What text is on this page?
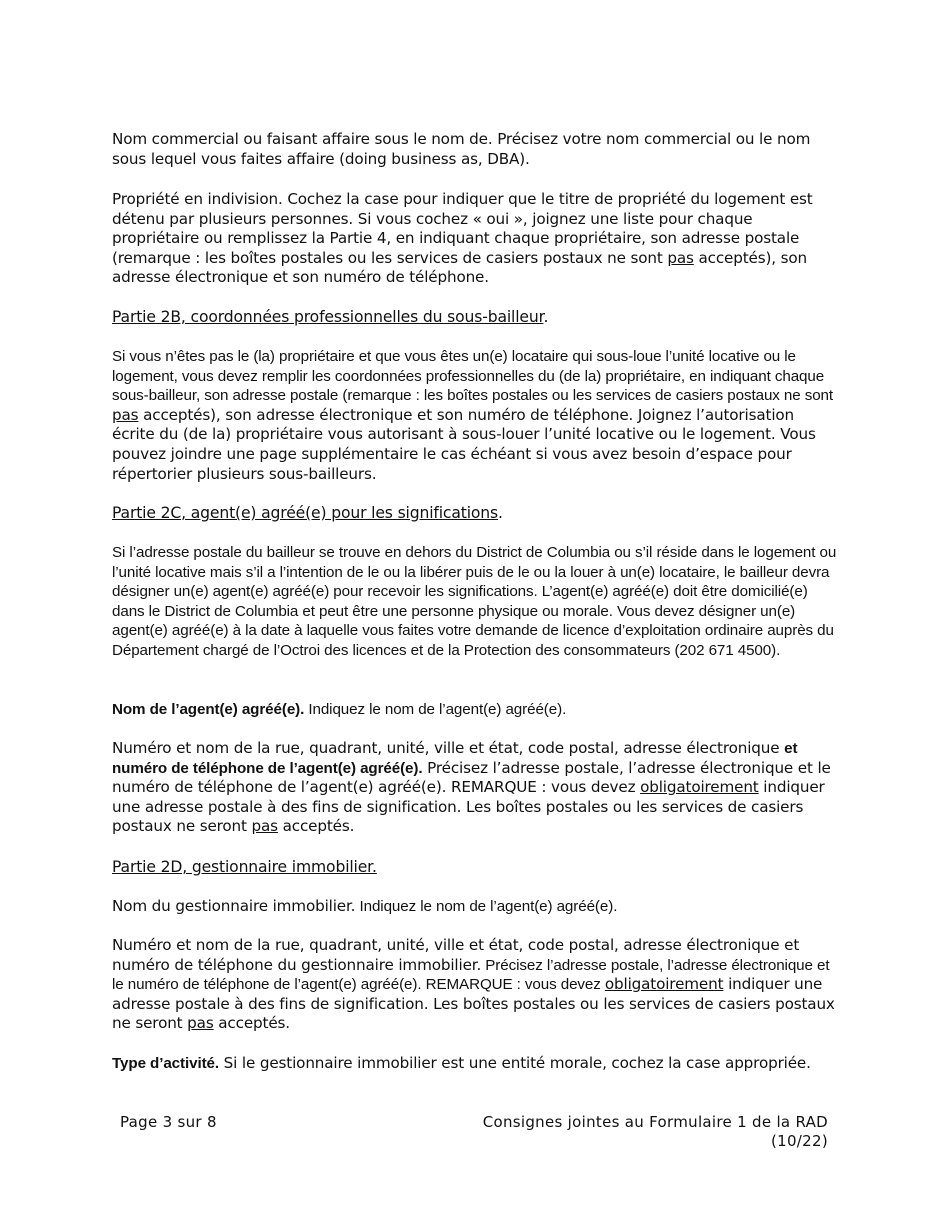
Nom commercial ou faisant affaire sous le nom de. Précisez votre nom commercial ou le nom sous lequel vous faites affaire (doing business as, DBA).

Propriété en indivision. Cochez la case pour indiquer que le titre de propriété du logement est détenu par plusieurs personnes. Si vous cochez « oui », joignez une liste pour chaque propriétaire ou remplissez la Partie 4, en indiquant chaque propriétaire, son adresse postale (remarque : les boîtes postales ou les services de casiers postaux ne sont pas acceptés), son adresse électronique et son numéro de téléphone.

Partie 2B, coordonnées professionnelles du sous-bailleur.

Si vous n’êtes pas le (la) propriétaire et que vous êtes un(e) locataire qui sous-loue l’unité locative ou le logement, vous devez remplir les coordonnées professionnelles du (de la) propriétaire, en indiquant chaque sous-bailleur, son adresse postale (remarque : les boîtes postales ou les services de casiers postaux ne sont pas acceptés), son adresse électronique et son numéro de téléphone. Joignez l’autorisation écrite du (de la) propriétaire vous autorisant à sous-louer l’unité locative ou le logement. Vous pouvez joindre une page supplémentaire le cas échéant si vous avez besoin d’espace pour répertorier plusieurs sous-bailleurs.

Partie 2C, agent(e) agréé(e) pour les significations.

Si l’adresse postale du bailleur se trouve en dehors du District de Columbia ou s’il réside dans le logement ou l’unité locative mais s’il a l’intention de le ou la libérer puis de le ou la louer à un(e) locataire, le bailleur devra désigner un(e) agent(e) agréé(e) pour recevoir les significations. L’agent(e) agréé(e) doit être domicilié(e) dans le District de Columbia et peut être une personne physique ou morale. Vous devez désigner un(e) agent(e) agréé(e) à la date à laquelle vous faites votre demande de licence d’exploitation ordinaire auprès du Département chargé de l’Octroi des licences et de la Protection des consommateurs (202 671 4500).

Nom de l’agent(e) agréé(e). Indiquez le nom de l’agent(e) agréé(e).

Numéro et nom de la rue, quadrant, unité, ville et état, code postal, adresse électronique et numéro de téléphone de l’agent(e) agréé(e). Précisez l’adresse postale, l’adresse électronique et le numéro de téléphone de l’agent(e) agréé(e). REMARQUE : vous devez obligatoirement indiquer une adresse postale à des fins de signification. Les boîtes postales ou les services de casiers postaux ne seront pas acceptés.

Partie 2D, gestionnaire immobilier.

Nom du gestionnaire immobilier. Indiquez le nom de l’agent(e) agréé(e).

Numéro et nom de la rue, quadrant, unité, ville et état, code postal, adresse électronique et numéro de téléphone du gestionnaire immobilier. Précisez l’adresse postale, l’adresse électronique et le numéro de téléphone de l’agent(e) agréé(e). REMARQUE : vous devez obligatoirement indiquer une adresse postale à des fins de signification. Les boîtes postales ou les services de casiers postaux ne seront pas acceptés.

Type d’activité. Si le gestionnaire immobilier est une entité morale, cochez la case appropriée.

Page 3 sur 8	Consignes jointes au Formulaire 1 de la RAD
(10/22)
